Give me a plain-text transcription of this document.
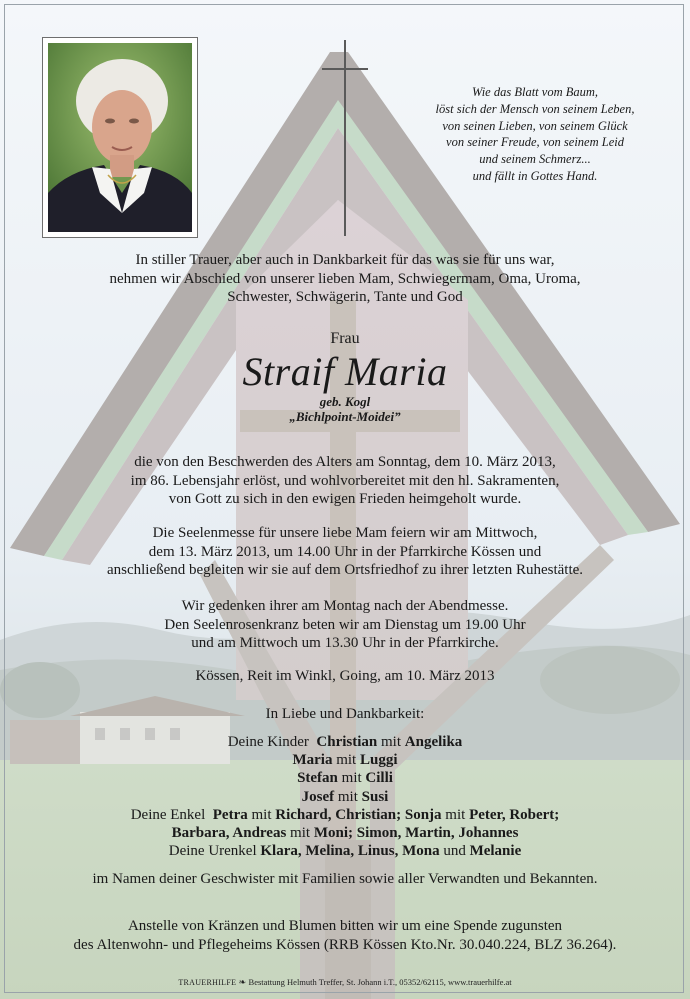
Wie das Blatt vom Baum,
löst sich der Mensch von seinem Leben,
von seinen Lieben, von seinem Glück
von seiner Freude, von seinem Leid
und seinem Schmerz...
und fällt in Gottes Hand.
In stiller Trauer, aber auch in Dankbarkeit für das was sie für uns war,
nehmen wir Abschied von unserer lieben Mam, Schwiegermam, Oma, Uroma,
Schwester, Schwägerin, Tante und God
Frau
Straif Maria
geb. Kogl
„Bichlpoint-Moidei”
die von den Beschwerden des Alters am Sonntag, dem 10. März 2013,
im 86. Lebensjahr erlöst, und wohlvorbereitet mit den hl. Sakramenten,
von Gott zu sich in den ewigen Frieden heimgeholt wurde.
Die Seelenmesse für unsere liebe Mam feiern wir am Mittwoch,
dem 13. März 2013, um 14.00 Uhr in der Pfarrkirche Kössen und
anschließend begleiten wir sie auf dem Ortsfriedhof zu ihrer letzten Ruhestätte.
Wir gedenken ihrer am Montag nach der Abendmesse.
Den Seelenrosenkranz beten wir am Dienstag um 19.00 Uhr
und am Mittwoch um 13.30 Uhr in der Pfarrkirche.
Kössen, Reit im Winkl, Going, am 10. März 2013
In Liebe und Dankbarkeit:
Deine Kinder Christian mit Angelika
Maria mit Luggi
Stefan mit Cilli
Josef mit Susi
Deine Enkel Petra mit Richard, Christian; Sonja mit Peter, Robert;
Barbara, Andreas mit Moni; Simon, Martin, Johannes
Deine Urenkel Klara, Melina, Linus, Mona und Melanie
im Namen deiner Geschwister mit Familien sowie aller Verwandten und Bekannten.
Anstelle von Kränzen und Blumen bitten wir um eine Spende zugunsten
des Altenwohn- und Pflegeheims Kössen (RRB Kössen Kto.Nr. 30.040.224, BLZ 36.264).
TRAUERHILFE ❧ Bestattung Helmuth Treffer, St. Johann i.T., 05352/62115, www.trauerhilfe.at
